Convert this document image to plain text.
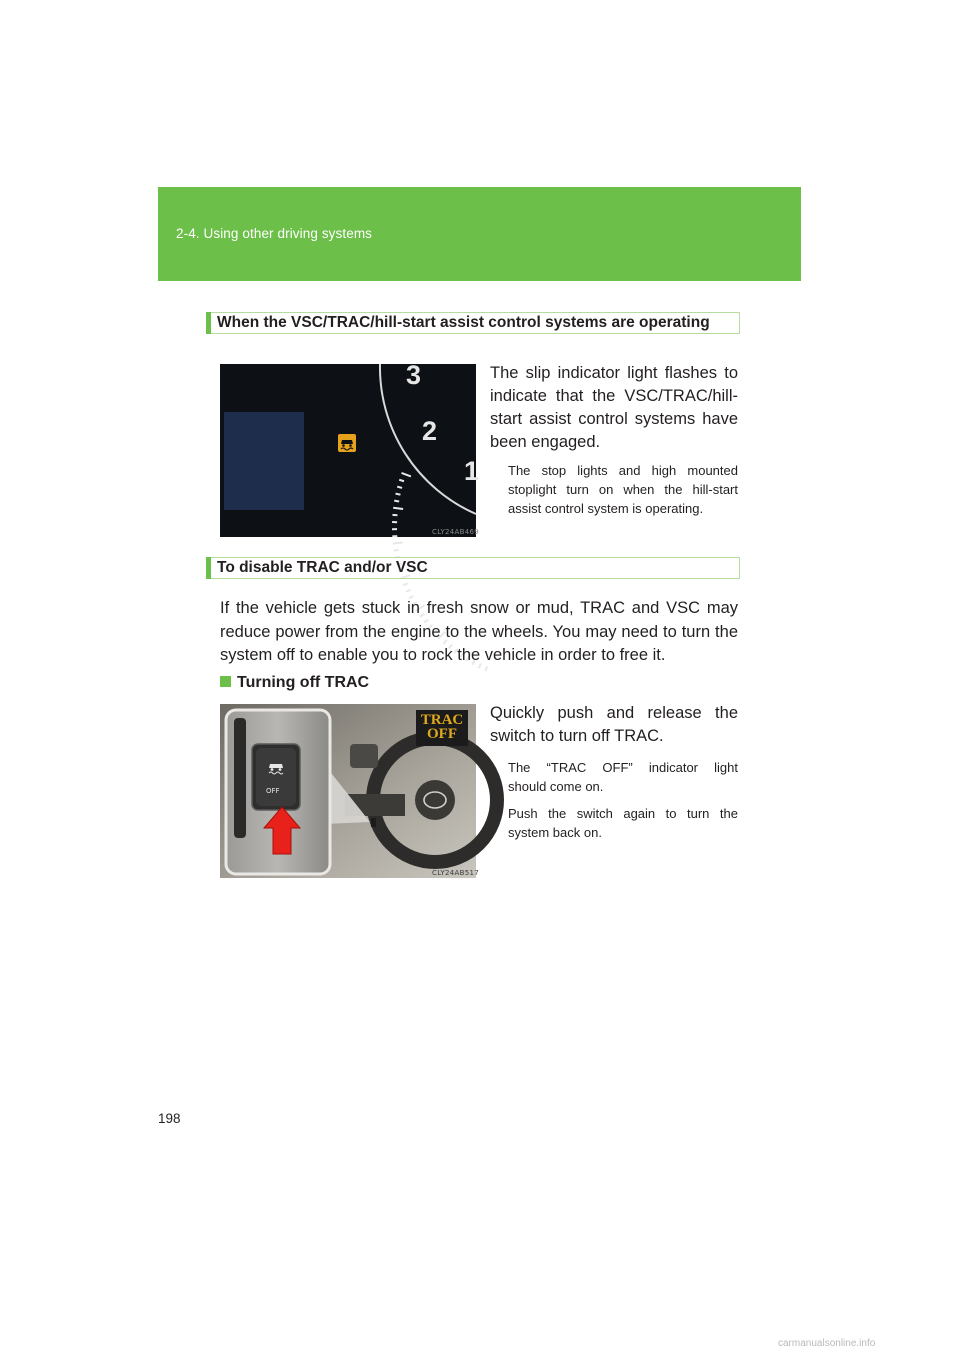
2-4. Using other driving systems
When the VSC/TRAC/hill-start assist control systems are operating
3
2
1
CLY24AB469

The slip indicator light flashes to
indicate that the VSC/TRAC/hill-
start assist control systems have
been engaged.

The stop lights and high mounted
stoplight turn on when the hill-start
assist control system is operating.

To disable TRAC and/or VSC

If the vehicle gets stuck in fresh snow or mud, TRAC and VSC may
reduce power from the engine to the wheels. You may need to turn the
system off to enable you to rock the vehicle in order to free it.

Turning off TRAC
OFF
TRAC
OFF
CLY24AB517

Quickly push and release the
switch to turn off TRAC.

The “TRAC OFF” indicator light
should come on.

Push the switch again to turn the
system back on.

198
carmanualsonline.info
